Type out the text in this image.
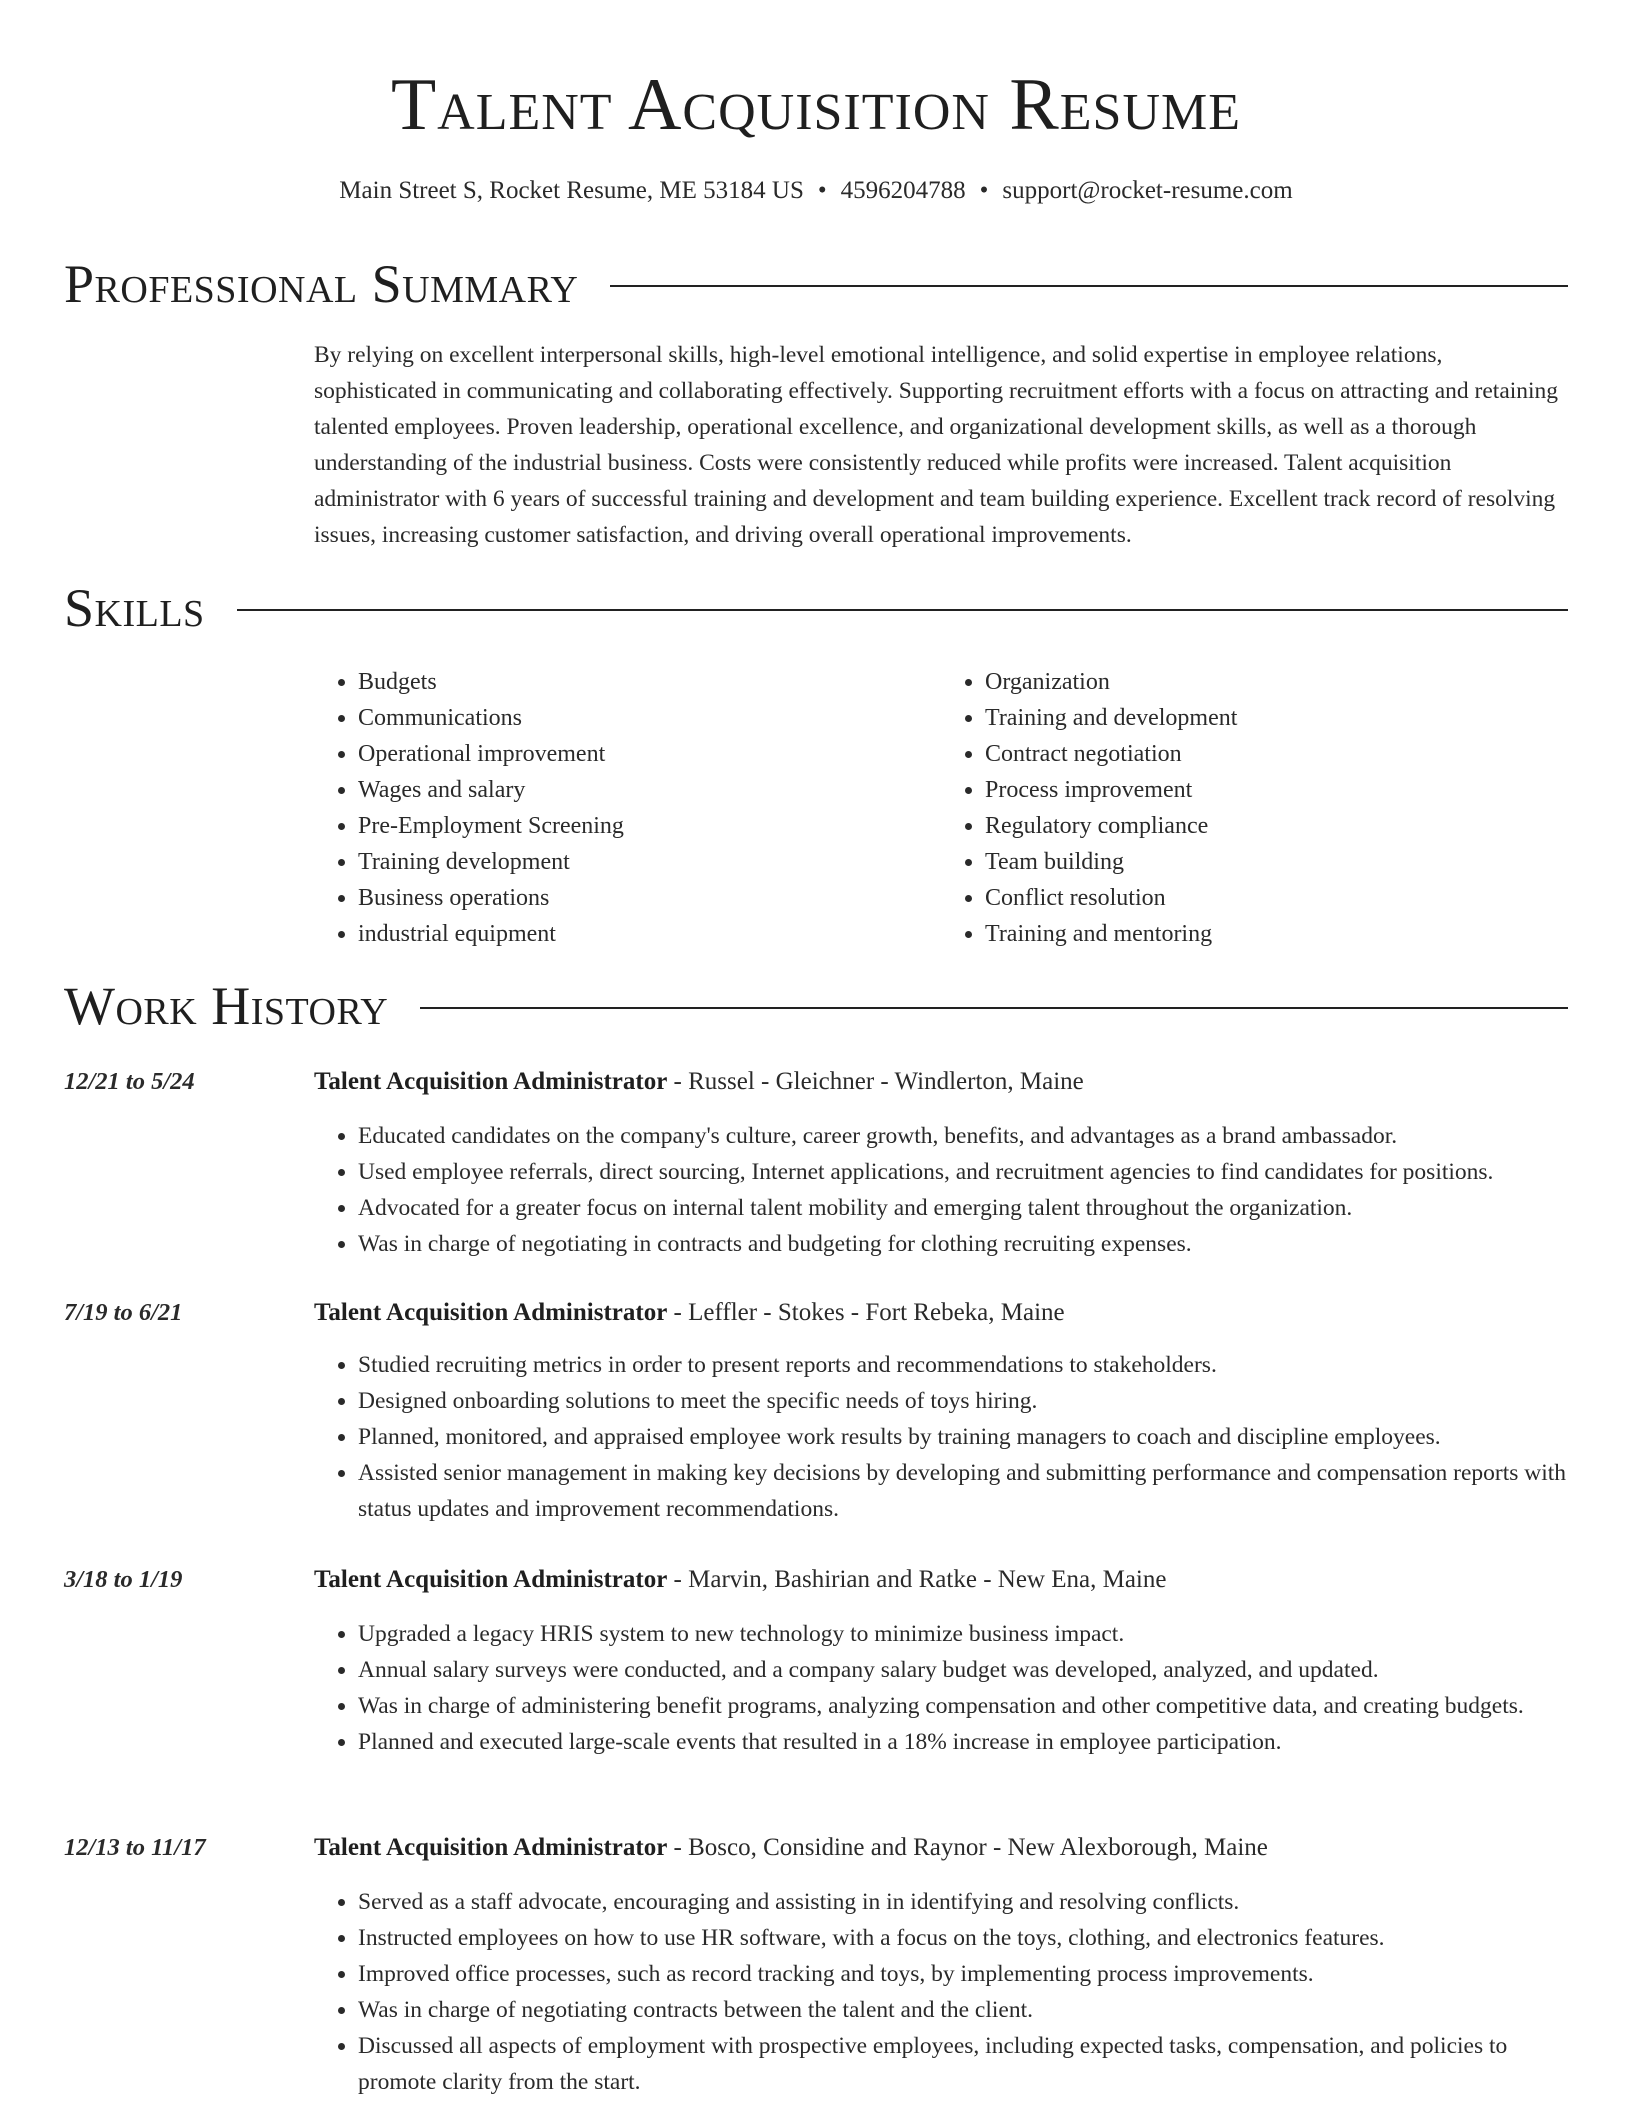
Talent Acquisition Resume
Main Street S, Rocket Resume, ME 53184 US • 4596204788 • support@rocket-resume.com
Professional Summary

By relying on excellent interpersonal skills, high-level emotional intelligence, and solid expertise in employee relations, sophisticated in communicating and collaborating effectively. Supporting recruitment efforts with a focus on attracting and retaining talented employees. Proven leadership, operational excellence, and organizational development skills, as well as a thorough understanding of the industrial business. Costs were consistently reduced while profits were increased. Talent acquisition administrator with 6 years of successful training and development and team building experience. Excellent track record of resolving issues, increasing customer satisfaction, and driving overall operational improvements.

Skills
• Budgets
• Communications
• Operational improvement
• Wages and salary
• Pre-Employment Screening
• Training development
• Business operations
• industrial equipment
• Organization
• Training and development
• Contract negotiation
• Process improvement
• Regulatory compliance
• Team building
• Conflict resolution
• Training and mentoring
Work History
12/21 to 5/24	Talent Acquisition Administrator - Russel - Gleichner - Windlerton, Maine
• Educated candidates on the company's culture, career growth, benefits, and advantages as a brand ambassador.
• Used employee referrals, direct sourcing, Internet applications, and recruitment agencies to find candidates for positions.
• Advocated for a greater focus on internal talent mobility and emerging talent throughout the organization.
• Was in charge of negotiating in contracts and budgeting for clothing recruiting expenses.
7/19 to 6/21	Talent Acquisition Administrator - Leffler - Stokes - Fort Rebeka, Maine
• Studied recruiting metrics in order to present reports and recommendations to stakeholders.
• Designed onboarding solutions to meet the specific needs of toys hiring.
• Planned, monitored, and appraised employee work results by training managers to coach and discipline employees.
• Assisted senior management in making key decisions by developing and submitting performance and compensation reports with status updates and improvement recommendations.
3/18 to 1/19	Talent Acquisition Administrator - Marvin, Bashirian and Ratke - New Ena, Maine
• Upgraded a legacy HRIS system to new technology to minimize business impact.
• Annual salary surveys were conducted, and a company salary budget was developed, analyzed, and updated.
• Was in charge of administering benefit programs, analyzing compensation and other competitive data, and creating budgets.
• Planned and executed large-scale events that resulted in a 18% increase in employee participation.
12/13 to 11/17	Talent Acquisition Administrator - Bosco, Considine and Raynor - New Alexborough, Maine
• Served as a staff advocate, encouraging and assisting in in identifying and resolving conflicts.
• Instructed employees on how to use HR software, with a focus on the toys, clothing, and electronics features.
• Improved office processes, such as record tracking and toys, by implementing process improvements.
• Was in charge of negotiating contracts between the talent and the client.
• Discussed all aspects of employment with prospective employees, including expected tasks, compensation, and policies to promote clarity from the start.
